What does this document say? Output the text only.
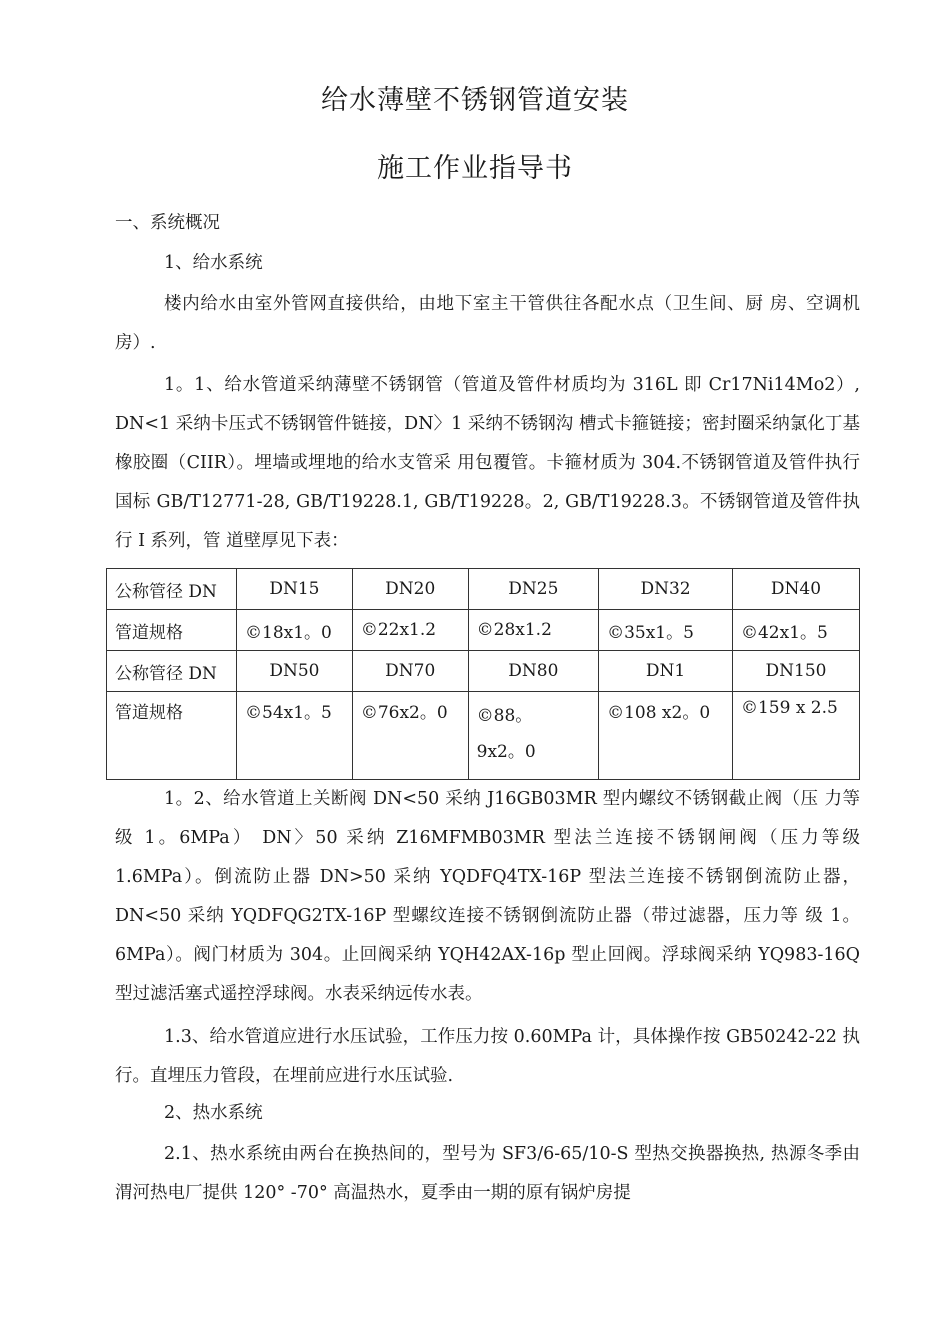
给水薄壁不锈钢管道安装
施工作业指导书

一、系统概况

1、给水系统

楼内给水由室外管网直接供给，由地下室主干管供往各配水点（卫生间、厨 房、空调机房）.

1。1、给水管道采纳薄壁不锈钢管（管道及管件材质均为 316L 即 Cr17Ni14Mo2）, DN<1 采纳卡压式不锈钢管件链接，DN〉1 采纳不锈钢沟 槽式卡箍链接；密封圈采纳氯化丁基橡胶圈（CIIR）。埋墙或埋地的给水支管采 用包覆管。卡箍材质为 304.不锈钢管道及管件执行国标 GB/T12771-28, GB/T19228.1, GB/T19228。2, GB/T19228.3。不锈钢管道及管件执行 I 系列，管 道壁厚见下表：

公称管径 DN	DN15	DN20	DN25	DN32	DN40
管道规格	©18x1。0	©22x1.2	©28x1.2	©35x1。5	©42x1。5
公称管径 DN	DN50	DN70	DN80	DN1	DN150
管道规格	©54x1。5	©76x2。0	©88。9x2。0	©108 x2。0	©159 x 2.5

1。2、给水管道上关断阀 DN<50 采纳 J16GB03MR 型内螺纹不锈钢截止阀（压 力等级 1。6MPa） DN〉50 采纳 Z16MFMB03MR 型法兰连接不锈钢闸阀（压力等级 1.6MPa）。倒流防止器 DN>50 采纳 YQDFQ4TX-16P 型法兰连接不锈钢倒流防止器， DN<50 采纳 YQDFQG2TX-16P 型螺纹连接不锈钢倒流防止器（带过滤器，压力等 级 1。6MPa）。阀门材质为 304。止回阀采纳 YQH42AX-16p 型止回阀。浮球阀采纳 YQ983-16Q 型过滤活塞式遥控浮球阀。水表采纳远传水表。

1.3、给水管道应进行水压试验，工作压力按 0.60MPa 计，具体操作按 GB50242-22 执行。直埋压力管段，在埋前应进行水压试验.

2、热水系统

2.1、热水系统由两台在换热间的，型号为 SF3/6-65/10-S 型热交换器换热, 热源冬季由渭河热电厂提供 120° -70° 高温热水，夏季由一期的原有锅炉房提
